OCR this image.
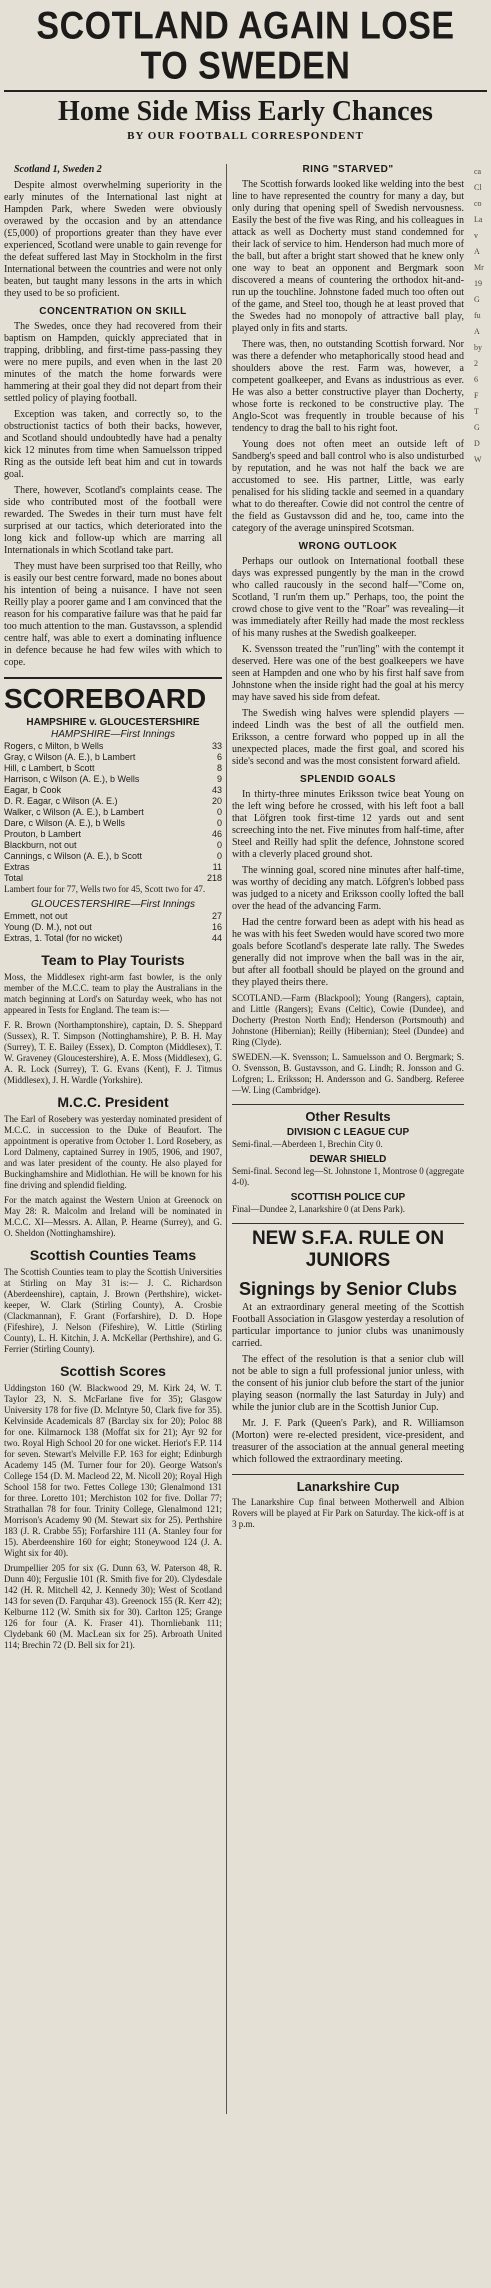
SCOTLAND AGAIN LOSE
TO SWEDEN
Home Side Miss Early Chances
BY OUR FOOTBALL CORRESPONDENT

Scotland 1, Sweden 2

Despite almost overwhelming superiority in the early minutes of the International last night at Hampden Park, where Sweden were obviously overawed by the occasion and by an attendance (£5,000) of proportions greater than they have ever experienced, Scotland were unable to gain revenge for the defeat suffered last May in Stockholm in the first International between the countries and were not only beaten, but taught many lessons in the arts in which they used to be so proficient.

CONCENTRATION ON SKILL

The Swedes, once they had recovered from their baptism on Hampden, quickly appreciated that in trapping, dribbling, and first-time pass-passing they were no mere pupils, and even when in the last 20 minutes of the match the home forwards were hammering at their goal they did not depart from their settled policy of playing football.

Exception was taken, and correctly so, to the obstructionist tactics of both their backs, however, and Scotland should undoubtedly have had a penalty kick 12 minutes from time when Samuelsson tripped Ring as the outside left beat him and cut in towards goal.

There, however, Scotland's complaints cease. The side who contributed most of the football were rewarded. The Swedes in their turn must have felt surprised at our tactics, which deteriorated into the long kick and follow-up which are marring all Internationals in which Scotland take part.

They must have been surprised too that Reilly, who is easily our best centre forward, made no bones about his intention of being a nuisance. I have not seen Reilly play a poorer game and I am convinced that the reason for his comparative failure was that he paid far too much attention to the man. Gustavsson, a splendid centre half, was able to exert a dominating influence in defence because he had few wiles with which to cope.

SCOREBOARD
HAMPSHIRE v. GLOUCESTERSHIRE
HAMPSHIRE—First Innings
Rogers, c Milton, b Wells	33
Gray, c Wilson (A. E.), b Lambert	6
Hill, c Lambert, b Scott	8
Harrison, c Wilson (A. E.), b Wells	9
Eagar, b Cook	43
D. R. Eagar, c Wilson (A. E.)	20
Walker, c Wilson (A. E.), b Lambert	0
Dare, c Wilson (A. E.), b Wells	0
Prouton, b Lambert	46
Blackburn, not out	0
Cannings, c Wilson (A. E.), b Scott	0
Extras	11
Total	218

Lambert four for 77, Wells two for 45, Scott two for 47.

GLOUCESTERSHIRE—First Innings
Emmett, not out	27
Young (D. M.), not out	16
Extras, 1. Total (for no wicket)	44
Team to Play Tourists

Moss, the Middlesex right-arm fast bowler, is the only member of the M.C.C. team to play the Australians in the match beginning at Lord's on Saturday week, who has not appeared in Tests for England. The team is:—

F. R. Brown (Northamptonshire), captain, D. S. Sheppard (Sussex), R. T. Simpson (Nottinghamshire), P. B. H. May (Surrey), T. E. Bailey (Essex), D. Compton (Middlesex), T. W. Graveney (Gloucestershire), A. E. Moss (Middlesex), G. A. R. Lock (Surrey), T. G. Evans (Kent), F. J. Titmus (Middlesex), J. H. Wardle (Yorkshire).

M.C.C. President

The Earl of Rosebery was yesterday nominated president of M.C.C. in succession to the Duke of Beaufort. The appointment is operative from October 1. Lord Rosebery, as Lord Dalmeny, captained Surrey in 1905, 1906, and 1907, and was later president of the county. He also played for Buckinghamshire and Midlothian. He will be known for his fine driving and splendid fielding.

For the match against the Western Union at Greenock on May 28: R. Malcolm and Ireland will be nominated in M.C.C. XI—Messrs. A. Allan, P. Hearne (Surrey), and G. O. Sheldon (Nottinghamshire).

Scottish Counties Teams

The Scottish Counties team to play the Scottish Universities at Stirling on May 31 is:— J. C. Richardson (Aberdeenshire), captain, J. Brown (Perthshire), wicket-keeper, W. Clark (Stirling County), A. Crosbie (Clackmannan), F. Grant (Forfarshire), D. D. Hope (Fifeshire), J. Nelson (Fifeshire), W. Little (Stirling County), L. H. Kitchin, J. A. McKellar (Perthshire), and G. Ferrier (Stirling County).

Scottish Scores

Uddingston 160 (W. Blackwood 29, M. Kirk 24, W. T. Taylor 23, N. S. McFarlane five for 35); Glasgow University 178 for five (D. McIntyre 50, Clark five for 35). Kelvinside Academicals 87 (Barclay six for 20); Poloc 88 for one. Kilmarnock 138 (Moffat six for 21); Ayr 92 for two. Royal High School 20 for one wicket. Heriot's F.P. 114 for seven. Stewart's Melville F.P. 163 for eight; Edinburgh Academy 145 (M. Turner four for 20). George Watson's College 154 (D. M. Macleod 22, M. Nicoll 20); Royal High School 158 for two. Fettes College 130; Glenalmond 131 for three. Loretto 101; Merchiston 102 for five. Dollar 77; Strathallan 78 for four. Trinity College, Glenalmond 121; Morrison's Academy 90 (M. Stewart six for 25). Perthshire 183 (J. R. Crabbe 55); Forfarshire 111 (A. Stanley four for 15). Aberdeenshire 160 for eight; Stoneywood 124 (J. A. Wight six for 40).

Drumpellier 205 for six (G. Dunn 63, W. Paterson 48, R. Dunn 40); Ferguslie 101 (R. Smith five for 20). Clydesdale 142 (H. R. Mitchell 42, J. Kennedy 30); West of Scotland 143 for seven (D. Farquhar 43). Greenock 155 (R. Kerr 42); Kelburne 112 (W. Smith six for 30). Carlton 125; Grange 126 for four (A. K. Fraser 41). Thornliebank 111; Clydebank 60 (M. MacLean six for 25). Arbroath United 114; Brechin 72 (D. Bell six for 21).

RING "STARVED"

The Scottish forwards looked like welding into the best line to have represented the country for many a day, but only during that opening spell of Swedish nervousness. Easily the best of the five was Ring, and his colleagues in attack as well as Docherty must stand condemned for their lack of service to him. Henderson had much more of the ball, but after a bright start showed that he knew only one way to beat an opponent and Bergmark soon discovered a means of countering the orthodox hit-and-run up the touchline. Johnstone faded much too often out of the game, and Steel too, though he at least proved that the Swedes had no monopoly of attractive ball play, played only in fits and starts.

There was, then, no outstanding Scottish forward. Nor was there a defender who metaphorically stood head and shoulders above the rest. Farm was, however, a competent goalkeeper, and Evans as industrious as ever. He was also a better constructive player than Docherty, whose forte is reckoned to be constructive play. The Anglo-Scot was frequently in trouble because of his tendency to drag the ball to his right foot.

Young does not often meet an outside left of Sandberg's speed and ball control who is also undisturbed by reputation, and he was not half the back we are accustomed to see. His partner, Little, was early penalised for his sliding tackle and seemed in a quandary what to do thereafter. Cowie did not control the centre of the field as Gustavsson did and he, too, came into the category of the average uninspired Scotsman.

WRONG OUTLOOK

Perhaps our outlook on International football these days was expressed pungently by the man in the crowd who called raucously in the second half—"Come on, Scotland, 'I run'm them up." Perhaps, too, the point the crowd chose to give vent to the "Roar" was revealing—it was immediately after Reilly had made the most reckless of his many rushes at the Swedish goalkeeper.

K. Svensson treated the "run'ling" with the contempt it deserved. Here was one of the best goalkeepers we have seen at Hampden and one who by his first half save from Johnstone when the inside right had the goal at his mercy may have saved his side from defeat.

The Swedish wing halves were splendid players — indeed Lindh was the best of all the outfield men. Eriksson, a centre forward who popped up in all the unexpected places, made the first goal, and scored his side's second and was the most consistent forward afield.

SPLENDID GOALS

In thirty-three minutes Eriksson twice beat Young on the left wing before he crossed, with his left foot a ball that Löfgren took first-time 12 yards out and sent screeching into the net. Five minutes from half-time, after Steel and Reilly had split the defence, Johnstone scored with a cleverly placed ground shot.

The winning goal, scored nine minutes after half-time, was worthy of deciding any match. Löfgren's lobbed pass was judged to a nicety and Eriksson coolly lofted the ball over the head of the advancing Farm.

Had the centre forward been as adept with his head as he was with his feet Sweden would have scored two more goals before Scotland's desperate late rally. The Swedes generally did not improve when the ball was in the air, but after all football should be played on the ground and they played theirs there.

SCOTLAND.—Farm (Blackpool); Young (Rangers), captain, and Little (Rangers); Evans (Celtic), Cowie (Dundee), and Docherty (Preston North End); Henderson (Portsmouth) and Johnstone (Hibernian); Reilly (Hibernian); Steel (Dundee) and Ring (Clyde).

SWEDEN.—K. Svensson; L. Samuelsson and O. Bergmark; S. O. Svensson, B. Gustavsson, and G. Lindh; R. Jonsson and G. Lofgren; L. Eriksson; H. Andersson and G. Sandberg. Referee—W. Ling (Cambridge).

Other Results
DIVISION C LEAGUE CUP

Semi-final.—Aberdeen 1, Brechin City 0.

DEWAR SHIELD

Semi-final. Second leg—St. Johnstone 1, Montrose 0 (aggregate 4-0).

SCOTTISH POLICE CUP

Final—Dundee 2, Lanarkshire 0 (at Dens Park).

NEW S.F.A. RULE ON JUNIORS
Signings by Senior Clubs

At an extraordinary general meeting of the Scottish Football Association in Glasgow yesterday a resolution of particular importance to junior clubs was unanimously carried.

The effect of the resolution is that a senior club will not be able to sign a full professional junior unless, with the consent of his junior club before the start of the junior playing season (normally the last Saturday in July) and while the junior club are in the Scottish Junior Cup.

Mr. J. F. Park (Queen's Park), and R. Williamson (Morton) were re-elected president, vice-president, and treasurer of the association at the annual general meeting which followed the extraordinary meeting.

Lanarkshire Cup

The Lanarkshire Cup final between Motherwell and Albion Rovers will be played at Fir Park on Saturday. The kick-off is at 3 p.m.

ca
Cl
co
La
v
A
Mr
19
G
fu
A
by
2
6
F
T
G
D
W
